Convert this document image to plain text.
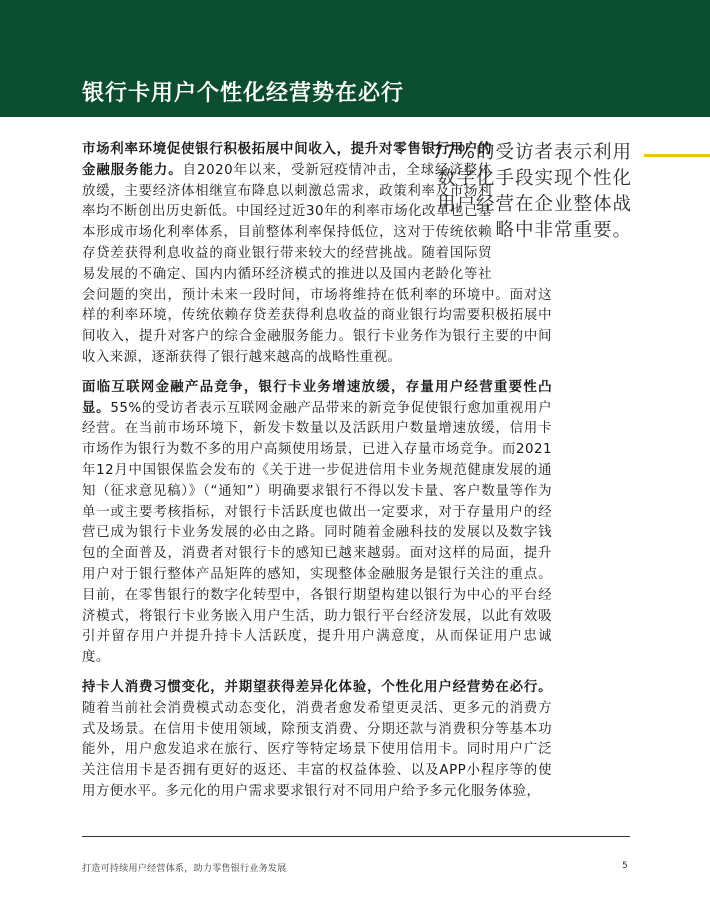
银行卡用户个性化经营势在必行
77%的受访者表示利用数字化手段实现个性化用户经营在企业整体战略中非常重要。

市场利率环境促使银行积极拓展中间收入，提升对零售银行用户的金融服务能力。自2020年以来，受新冠疫情冲击，全球经济整体放缓，主要经济体相继宣布降息以刺激总需求，政策利率及市场利率均不断创出历史新低。中国经过近30年的利率市场化改革也已基本形成市场化利率体系，目前整体利率保持低位，这对于传统依赖存贷差获得利息收益的商业银行带来较大的经营挑战。随着国际贸易发展的不确定、国内内循环经济模式的推进以及国内老龄化等社会问题的突出，预计未来一段时间，市场将维持在低利率的环境中。面对这样的利率环境，传统依赖存贷差获得利息收益的商业银行均需要积极拓展中间收入，提升对客户的综合金融服务能力。银行卡业务作为银行主要的中间收入来源，逐渐获得了银行越来越高的战略性重视。

面临互联网金融产品竞争，银行卡业务增速放缓，存量用户经营重要性凸显。55%的受访者表示互联网金融产品带来的新竞争促使银行愈加重视用户经营。在当前市场环境下，新发卡数量以及活跃用户数量增速放缓，信用卡市场作为银行为数不多的用户高频使用场景，已进入存量市场竞争。而2021年12月中国银保监会发布的《关于进一步促进信用卡业务规范健康发展的通知（征求意见稿）》（“通知”）明确要求银行不得以发卡量、客户数量等作为单一或主要考核指标，对银行卡活跃度也做出一定要求，对于存量用户的经营已成为银行卡业务发展的必由之路。同时随着金融科技的发展以及数字钱包的全面普及，消费者对银行卡的感知已越来越弱。面对这样的局面，提升用户对于银行整体产品矩阵的感知，实现整体金融服务是银行关注的重点。目前，在零售银行的数字化转型中，各银行期望构建以银行为中心的平台经济模式，将银行卡业务嵌入用户生活，助力银行平台经济发展，以此有效吸引并留存用户并提升持卡人活跃度，提升用户满意度，从而保证用户忠诚度。

持卡人消费习惯变化，并期望获得差异化体验，个性化用户经营势在必行。随着当前社会消费模式动态变化，消费者愈发希望更灵活、更多元的消费方式及场景。在信用卡使用领域，除预支消费、分期还款与消费积分等基本功能外，用户愈发追求在旅行、医疗等特定场景下使用信用卡。同时用户广泛关注信用卡是否拥有更好的返还、丰富的权益体验、以及APP小程序等的使用方便水平。多元化的用户需求要求银行对不同用户给予多元化服务体验，

打造可持续用户经营体系，助力零售银行业务发展	5
